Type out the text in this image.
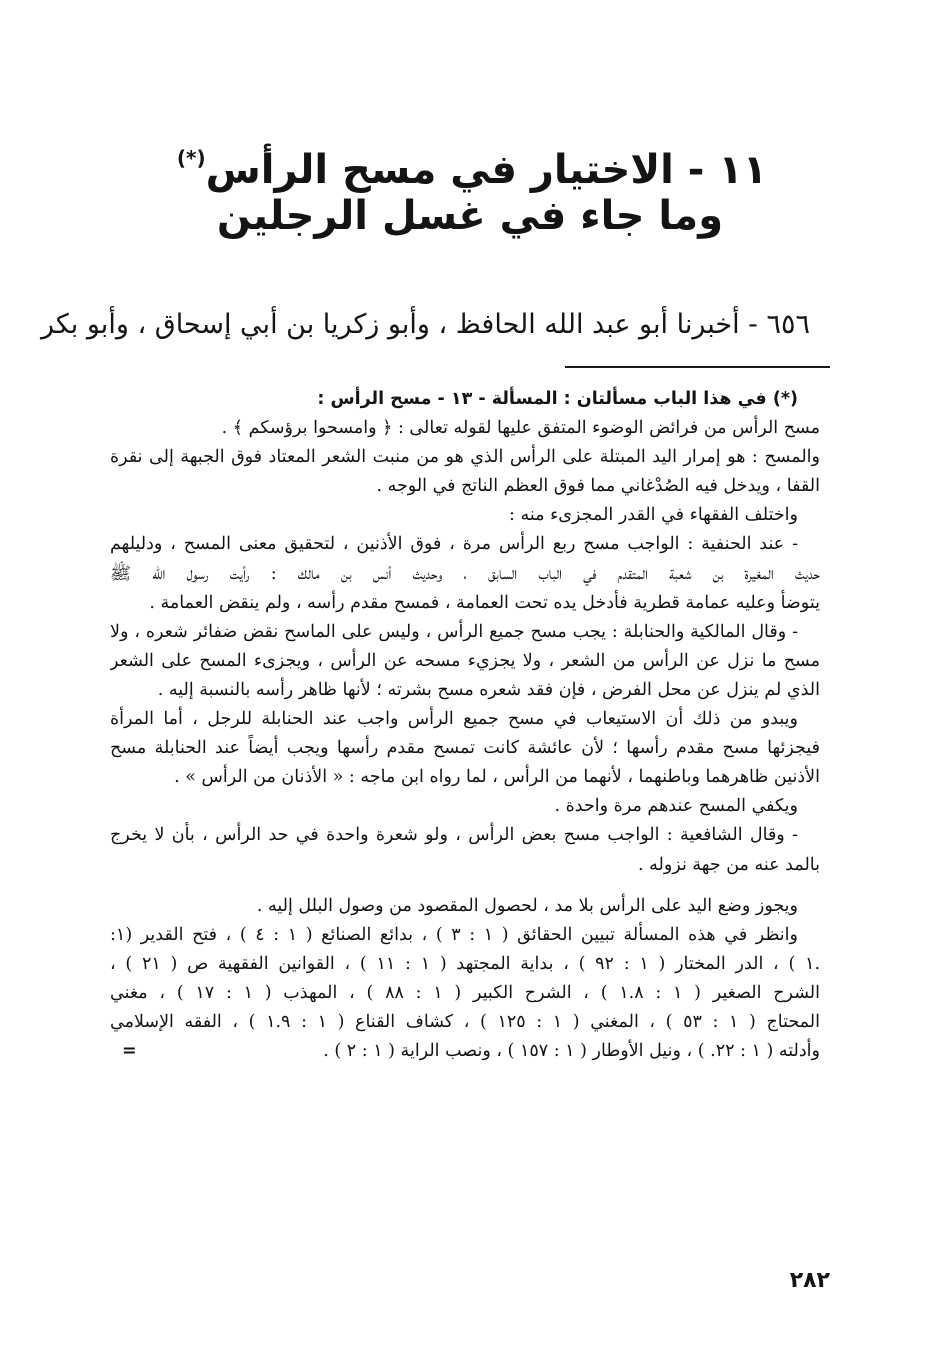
١١ - الاختيار في مسح الرأس(*)
وما جاء في غسل الرجلين
٦٥٦ - أخبرنا أبو عبد الله الحافظ ، وأبو زكريا بن أبي إسحاق ، وأبو بكر
(*) في هذا الباب مسألتان : المسألة - ١٣ - مسح الرأس :
مسح الرأس من فرائض الوضوء المتفق عليها لقوله تعالى : ﴿ وامسحوا برؤسكم ﴾ .
والمسح : هو إمرار اليد المبتلة على الرأس الذي هو من منبت الشعر المعتاد فوق الجبهة إلى نقرة
القفا ، ويدخل فيه الصُدْغاني مما فوق العظم الناتج في الوجه .
واختلف الفقهاء في القدر المجزىء منه :
- عند الحنفية : الواجب مسح ربع الرأس مرة ، فوق الأذنين ، لتحقيق معنى المسح ، ودليلهم
حديث المغيرة بن شعبة المتقدم في الباب السابق ، وحديث أنس بن مالك : رأيت رسول الله ﷺ
يتوضأ وعليه عمامة قطرية فأدخل يده تحت العمامة ، فمسح مقدم رأسه ، ولم ينقض العمامة .
- وقال المالكية والحنابلة : يجب مسح جميع الرأس ، وليس على الماسح نقض ضفائر شعره ، ولا
مسح ما نزل عن الرأس من الشعر ، ولا يجزيء مسحه عن الرأس ، ويجزىء المسح على الشعر
الذي لم ينزل عن محل الفرض ، فإن فقد شعره مسح بشرته ؛ لأنها ظاهر رأسه بالنسبة إليه .
ويبدو من ذلك أن الاستيعاب في مسح جميع الرأس واجب عند الحنابلة للرجل ، أما المرأة
فيجزئها مسح مقدم رأسها ؛ لأن عائشة كانت تمسح مقدم رأسها ويجب أيضاً عند الحنابلة مسح
الأذنين ظاهرهما وباطنهما ، لأنهما من الرأس ، لما رواه ابن ماجه : « الأذنان من الرأس » .
ويكفي المسح عندهم مرة واحدة .
- وقال الشافعية : الواجب مسح بعض الرأس ، ولو شعرة واحدة في حد الرأس ، بأن لا يخرج
بالمد عنه من جهة نزوله .
ويجوز وضع اليد على الرأس بلا مد ، لحصول المقصود من وصول البلل إليه .
وانظر في هذه المسألة تبيين الحقائق ( ١ : ٣ ) ، بدائع الصنائع ( ١ : ٤ ) ، فتح القدير (١:
.١ ) ، الدر المختار ( ١ : ٩٢ ) ، بداية المجتهد ( ١ : ١١ ) ، القوانين الفقهية ص ( ٢١ ) ،
الشرح الصغير ( ١ : ١.٨ ) ، الشرح الكبير ( ١ : ٨٨ ) ، المهذب ( ١ : ١٧ ) ، مغني
المحتاج ( ١ : ٥٣ ) ، المغني ( ١ : ١٢٥ ) ، كشاف القناع ( ١ : ١.٩ ) ، الفقه الإسلامي
وأدلته ( ١ : ٢٢. ) ، ونيل الأوطار ( ١ : ١٥٧ ) ، ونصب الراية ( ١ : ٢ ) .
=
٢٨٢
